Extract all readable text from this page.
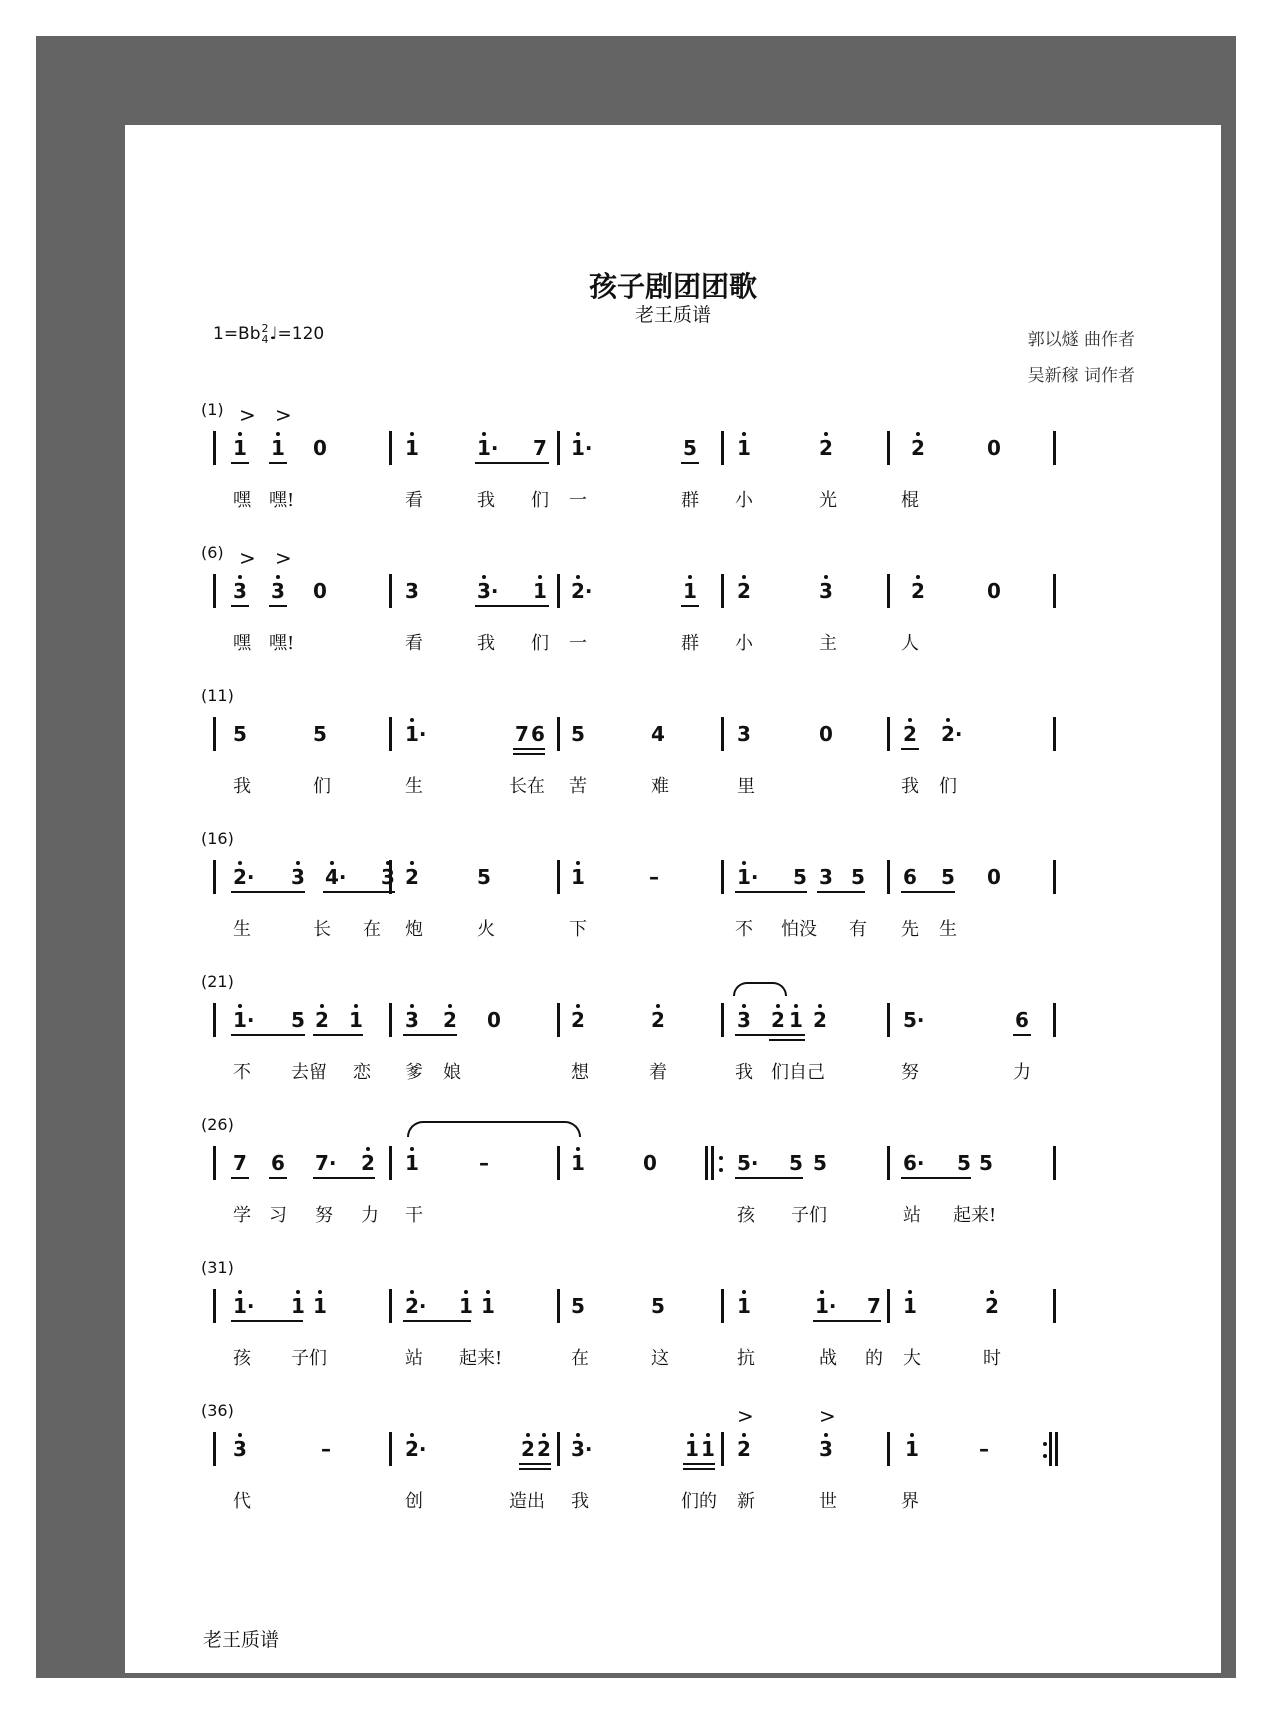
孩子剧团团歌
老王质谱
1=Bb2
4♩=120	郭以燧 曲作者
吴新稼 词作者
(1) > >
1 1 0	1	1· 7 1·	5 1	2	2	0
嘿 嘿!	看	我 们 一	群 小	光	棍
(6) > >
3 3 0	3	3· 1 2·	1 2	3	2	0
嘿 嘿!	看	我 们 一	群 小	主	人
(11)
5	5	1·	7 6 5	4	3	0	2 2·
我	们	生	长在 苦	难	里	我 们
(16)
2· 3 4· 3 2	5	1	–	1· 5 3 5 6 5 0
生	长 在 炮	火	下	不 怕没 有 先 生
(21)
1· 5 2 1 3 2 0	2	2	3 2 1 2	5·	6
不 去留 恋 爹 娘	想	着	我 们自己	努	力
(26)
7 6 7· 2 1	–	1	0	5· 5 5	6· 5 5
学 习 努 力 干	孩 子们	站 起来!
(31)
1· 1 1	2· 1 1	5	5	1	1· 7 1	2
孩 子们	站 起来!	在	这	抗	战 的 大	时
(36)	>	>
3	–	2·	2 2 3·	1 1 2	3	1	–
代	创	造出 我	们的 新	世	界
老王质谱
